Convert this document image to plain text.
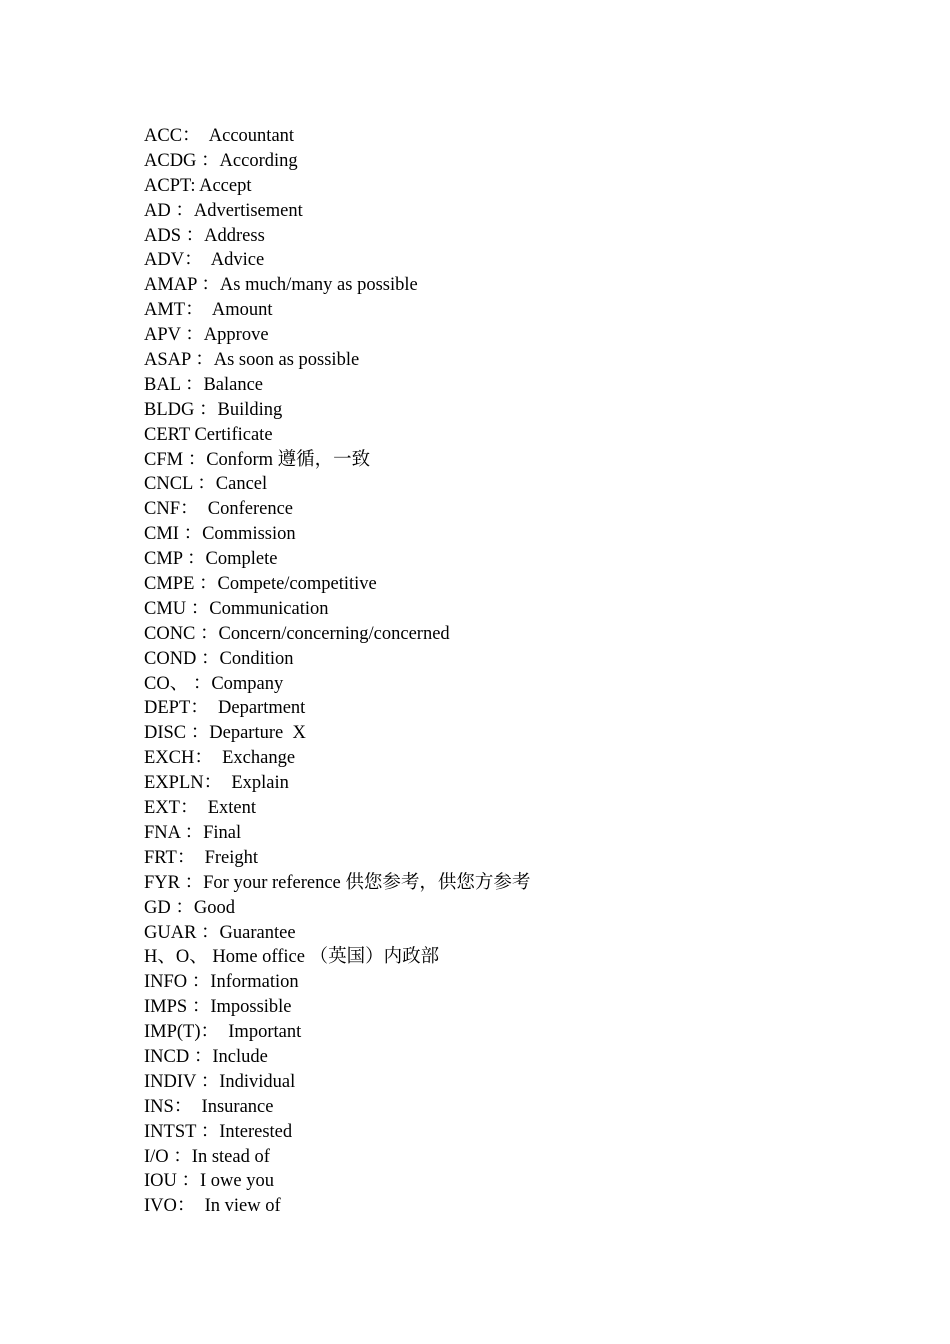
ACC：  Accountant
ACDG ：According
ACPT: Accept
AD ：Advertisement
ADS ：Address
ADV：  Advice
AMAP ：As much/many as possible
AMT：  Amount
APV ：Approve
ASAP ：As soon as possible
BAL ：Balance
BLDG ：Building
CERT Certificate
CFM ：Conform 遵循，一致
CNCL ：Cancel
CNF：  Conference
CMI ：Commission
CMP ：Complete
CMPE ：Compete/competitive
CMU ：Communication
CONC ：Concern/concerning/concerned
COND ：Condition
CO、 ：Company
DEPT：  Department
DISC ：Departure  X
EXCH：  Exchange
EXPLN：  Explain
EXT：  Extent
FNA ：Final
FRT：  Freight
FYR ：For your reference 供您参考，供您方参考
GD ：Good
GUAR ：Guarantee
H、O、 Home office （英国）内政部
INFO ：Information
IMPS ：Impossible
IMP(T)：  Important
INCD ：Include
INDIV ：Individual
INS：  Insurance
INTST ：Interested
I/O ：In stead of
IOU ：I owe you
IVO：  In view of
